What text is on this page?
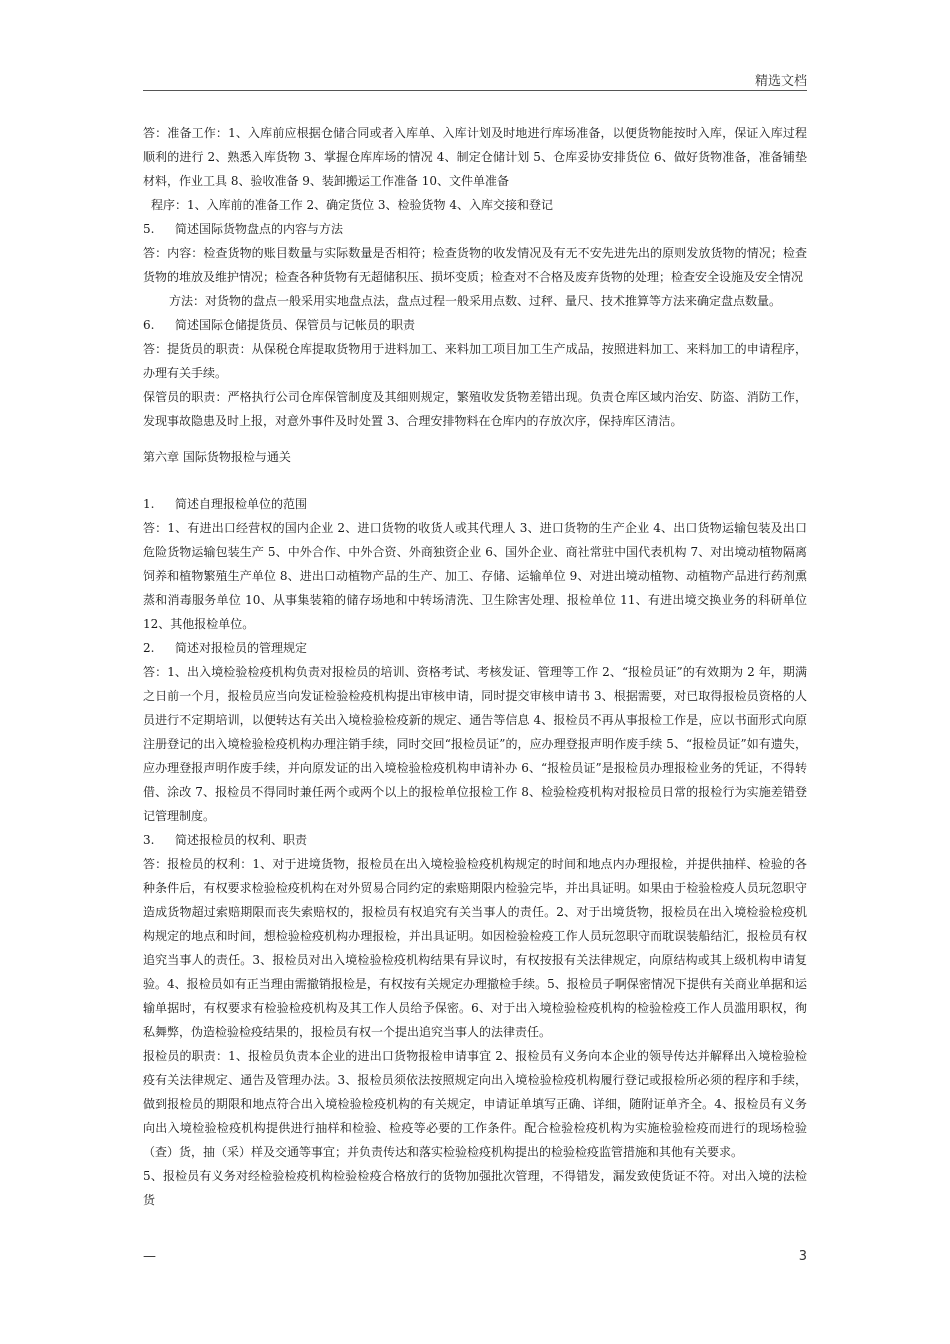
精选文档

答：准备工作：1、入库前应根据仓储合同或者入库单、入库计划及时地进行库场准备，以便货物能按时入库，保证入库过程顺利的进行 2、熟悉入库货物 3、掌握仓库库场的情况 4、制定仓储计划 5、仓库妥协安排货位 6、做好货物准备，准备铺垫材料，作业工具 8、验收准备 9、装卸搬运工作准备 10、文件单准备

程序：1、入库前的准备工作 2、确定货位 3、检验货物 4、入库交接和登记

5. 简述国际货物盘点的内容与方法

答：内容：检查货物的账目数量与实际数量是否相符；检查货物的收发情况及有无不安先进先出的原则发放货物的情况；检查货物的堆放及维护情况；检查各种货物有无超储积压、损坏变质；检查对不合格及废弃货物的处理；检查安全设施及安全情况

方法：对货物的盘点一般采用实地盘点法，盘点过程一般采用点数、过秤、量尺、技术推算等方法来确定盘点数量。

6. 简述国际仓储提货员、保管员与记帐员的职责

答：提货员的职责：从保税仓库提取货物用于进料加工、来料加工项目加工生产成品，按照进料加工、来料加工的申请程序，办理有关手续。

保管员的职责：严格执行公司仓库保管制度及其细则规定，繁殖收发货物差错出现。负责仓库区域内治安、防盗、消防工作，发现事故隐患及时上报，对意外事件及时处置 3、合理安排物料在仓库内的存放次序，保持库区清洁。

第六章 国际货物报检与通关

1. 简述自理报检单位的范围

答：1、有进出口经营权的国内企业 2、进口货物的收货人或其代理人 3、进口货物的生产企业 4、出口货物运输包装及出口危险货物运输包装生产 5、中外合作、中外合资、外商独资企业 6、国外企业、商社常驻中国代表机构 7、对出境动植物隔离饲养和植物繁殖生产单位 8、进出口动植物产品的生产、加工、存储、运输单位 9、对进出境动植物、动植物产品进行药剂熏蒸和消毒服务单位 10、从事集装箱的储存场地和中转场清洗、卫生除害处理、报检单位 11、有进出境交换业务的科研单位 12、其他报检单位。

2. 简述对报检员的管理规定

答：1、出入境检验检疫机构负责对报检员的培训、资格考试、考核发证、管理等工作 2、“报检员证”的有效期为 2 年，期满之日前一个月，报检员应当向发证检验检疫机构提出审核申请，同时提交审核申请书 3、根据需要，对已取得报检员资格的人员进行不定期培训，以便转达有关出入境检验检疫新的规定、通告等信息 4、报检员不再从事报检工作是，应以书面形式向原注册登记的出入境检验检疫机构办理注销手续，同时交回“报检员证”的，应办理登报声明作废手续 5、“报检员证”如有遗失，应办理登报声明作废手续，并向原发证的出入境检验检疫机构申请补办 6、“报检员证”是报检员办理报检业务的凭证，不得转借、涂改 7、报检员不得同时兼任两个或两个以上的报检单位报检工作 8、检验检疫机构对报检员日常的报检行为实施差错登记管理制度。

3. 简述报检员的权利、职责

答：报检员的权利：1、对于进境货物，报检员在出入境检验检疫机构规定的时间和地点内办理报检，并提供抽样、检验的各种条件后，有权要求检验检疫机构在对外贸易合同约定的索赔期限内检验完毕，并出具证明。如果由于检验检疫人员玩忽职守造成货物超过索赔期限而丧失索赔权的，报检员有权追究有关当事人的责任。2、对于出境货物，报检员在出入境检验检疫机构规定的地点和时间，想检验检疫机构办理报检，并出具证明。如因检验检疫工作人员玩忽职守而耽误装船结汇，报检员有权追究当事人的责任。3、报检员对出入境检验检疫机构结果有异议时，有权按报有关法律规定，向原结构或其上级机构申请复验。4、报检员如有正当理由需撤销报检是，有权按有关规定办理撤检手续。5、报检员子啊保密情况下提供有关商业单据和运输单据时，有权要求有检验检疫机构及其工作人员给予保密。6、对于出入境检验检疫机构的检验检疫工作人员滥用职权，徇私舞弊，伪造检验检疫结果的，报检员有权一个提出追究当事人的法律责任。

报检员的职责：1、报检员负责本企业的进出口货物报检申请事宜 2、报检员有义务向本企业的领导传达并解释出入境检验检疫有关法律规定、通告及管理办法。3、报检员须依法按照规定向出入境检验检疫机构履行登记或报检所必须的程序和手续，做到报检员的期限和地点符合出入境检验检疫机构的有关规定，申请证单填写正确、详细，随附证单齐全。4、报检员有义务向出入境检验检疫机构提供进行抽样和检验、检疫等必要的工作条件。配合检验检疫机构为实施检验检疫而进行的现场检验（查）货，抽（采）样及交通等事宜；并负责传达和落实检验检疫机构提出的检验检疫监管措施和其他有关要求。

5、报检员有义务对经检验检疫机构检验检疫合格放行的货物加强批次管理，不得错发，漏发致使货证不符。对出入境的法检货

—	3
